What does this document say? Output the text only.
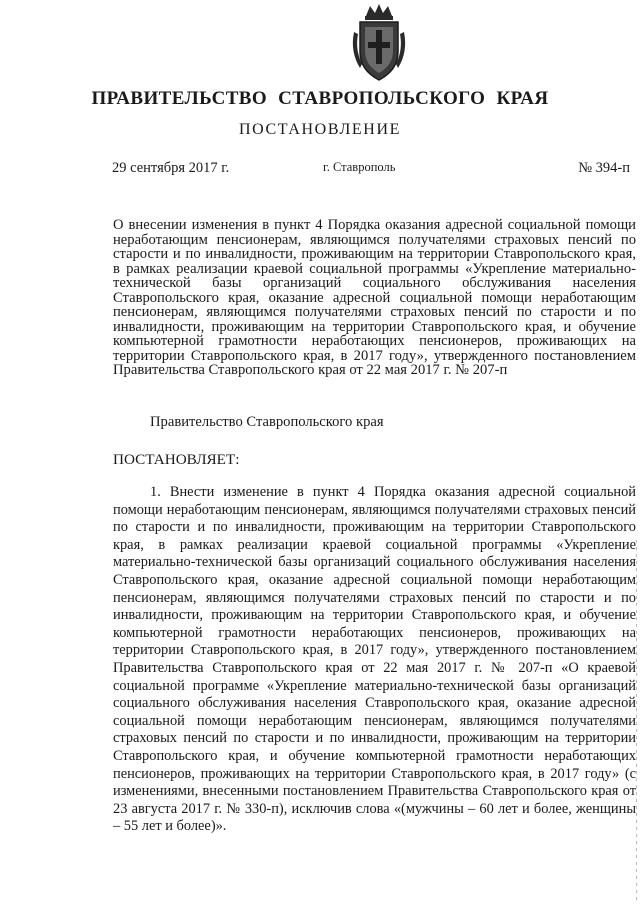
ПРАВИТЕЛЬСТВО СТАВРОПОЛЬСКОГО КРАЯ
ПОСТАНОВЛЕНИЕ
29 сентября 2017 г.	г. Ставрополь	№ 394-п
О внесении изменения в пункт 4 Порядка оказания адресной социальной помощи неработающим пенсионерам, являющимся получателями страховых пенсий по старости и по инвалидности, проживающим на территории Ставропольского края, в рамках реализации краевой социальной программы «Укрепление материально-технической базы организаций социального обслуживания населения Ставропольского края, оказание адресной социальной помощи неработающим пенсионерам, являющимся получателями страховых пенсий по старости и по инвалидности, проживающим на территории Ставропольского края, и обучение компьютерной грамотности неработающих пенсионеров, проживающих на территории Ставропольского края, в 2017 году», утвержденного постановлением Правительства Ставропольского края от 22 мая 2017 г. № 207-п
Правительство Ставропольского края
ПОСТАНОВЛЯЕТ:
1. Внести изменение в пункт 4 Порядка оказания адресной социальной помощи неработающим пенсионерам, являющимся получателями страховых пенсий по старости и по инвалидности, проживающим на территории Ставропольского края, в рамках реализации краевой социальной программы «Укрепление материально-технической базы организаций социального обслуживания населения Ставропольского края, оказание адресной социальной помощи неработающим пенсионерам, являющимся получателями страховых пенсий по старости и по инвалидности, проживающим на территории Ставропольского края, и обучение компьютерной грамотности неработающих пенсионеров, проживающих на территории Ставропольского края, в 2017 году», утвержденного постановлением Правительства Ставропольского края от 22 мая 2017 г. № 207-п «О краевой социальной программе «Укрепление материально-технической базы организаций социального обслуживания населения Ставропольского края, оказание адресной социальной помощи неработающим пенсионерам, являющимся получателями страховых пенсий по старости и по инвалидности, проживающим на территории Ставропольского края, и обучение компьютерной грамотности неработающих пенсионеров, проживающих на территории Ставропольского края, в 2017 году» (с изменениями, внесенными постановлением Правительства Ставропольского края от 23 августа 2017 г. № 330-п), исключив слова «(мужчины – 60 лет и более, женщины – 55 лет и более)».
